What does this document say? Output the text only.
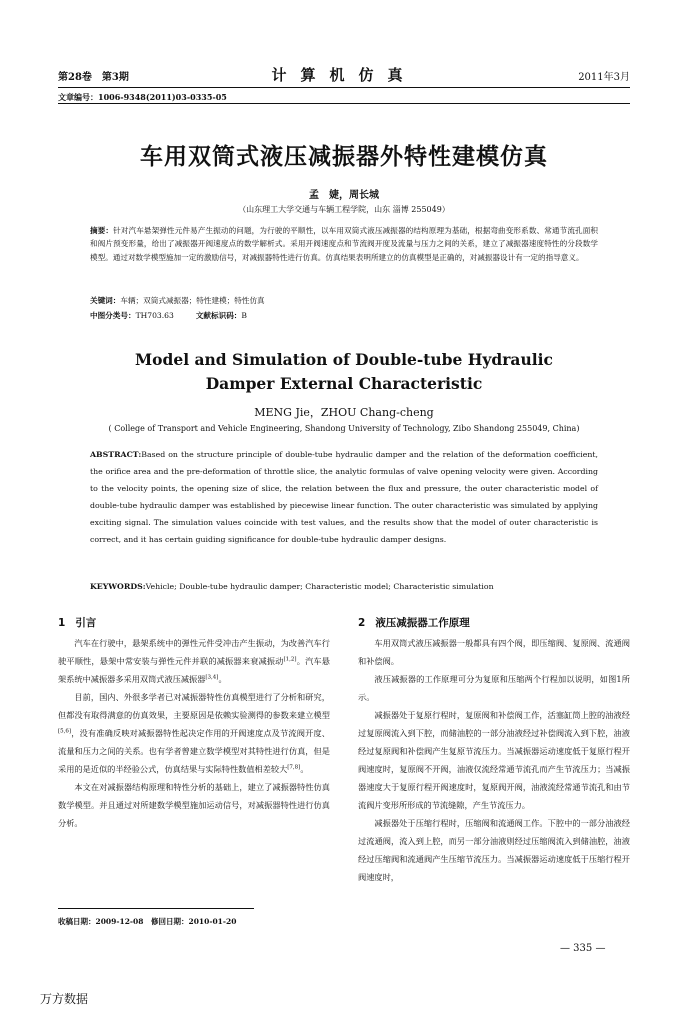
第28卷　第3期	计算机仿真	2011年3月
文章编号：1006-9348(2011)03-0335-05
车用双筒式液压减振器外特性建模仿真
孟　婕，周长城
（山东理工大学交通与车辆工程学院，山东 淄博 255049）
摘要：针对汽车悬架弹性元件易产生振动的问题，为行驶的平顺性，以车用双筒式液压减振器的结构原理为基础，根据弯曲变形系数、常通节流孔面积和阀片预变形量，给出了减振器开阀速度点的数学解析式。采用开阀速度点和节流阀开度及流量与压力之间的关系，建立了减振器速度特性的分段数学模型。通过对数学模型施加一定的激励信号，对减振器特性进行仿真。仿真结果表明所建立的仿真模型是正确的，对减振器设计有一定的指导意义。
关键词：车辆；双筒式减振器；特性建模；特性仿真
中图分类号：TH703.63	文献标识码：B
Model and Simulation of Double-tube Hydraulic
Damper External Characteristic
MENG Jie，ZHOU Chang-cheng
( College of Transport and Vehicle Engineering, Shandong University of Technology, Zibo Shandong 255049, China)
ABSTRACT:Based on the structure principle of double-tube hydraulic damper and the relation of the deformation coefficient, the orifice area and the pre-deformation of throttle slice, the analytic formulas of valve opening velocity were given. According to the velocity points, the opening size of slice, the relation between the flux and pressure, the outer characteristic model of double-tube hydraulic damper was established by piecewise linear function. The outer characteristic was simulated by applying exciting signal. The simulation values coincide with test values, and the results show that the model of outer characteristic is correct, and it has certain guiding significance for double-tube hydraulic damper designs.
KEYWORDS:Vehicle; Double-tube hydraulic damper; Characteristic model; Characteristic simulation
1 引言

汽车在行驶中，悬架系统中的弹性元件受冲击产生振动，为改善汽车行驶平顺性，悬架中常安装与弹性元件并联的减振器来衰减振动[1,2]。汽车悬架系统中减振器多采用双筒式液压减振器[3,4]。

目前，国内、外很多学者已对减振器特性仿真模型进行了分析和研究，但都没有取得满意的仿真效果，主要原因是依赖实验测得的参数来建立模型[5,6]，没有准确反映对减振器特性起决定作用的开阀速度点及节流阀开度、流量和压力之间的关系。也有学者曾建立数学模型对其特性进行仿真，但是采用的是近似的半经验公式，仿真结果与实际特性数值相差较大[7,8]。

本文在对减振器结构原理和特性分析的基础上，建立了减振器特性仿真数学模型。并且通过对所建数学模型施加运动信号，对减振器特性进行仿真分析。

2 液压减振器工作原理

车用双筒式液压减振器一般都具有四个阀，即压缩阀、复原阀、流通阀和补偿阀。

液压减振器的工作原理可分为复原和压缩两个行程加以说明，如图1所示。

减振器处于复原行程时，复原阀和补偿阀工作，活塞缸筒上腔的油液经过复原阀流入到下腔，而储油腔的一部分油液经过补偿阀流入到下腔，油液经过复原阀和补偿阀产生复原节流压力。当减振器运动速度低于复原行程开阀速度时，复原阀不开阀，油液仅流经常通节流孔而产生节流压力；当减振器速度大于复原行程开阀速度时，复原阀开阀，油液流经常通节流孔和由节流阀片变形所形成的节流缝隙，产生节流压力。

减振器处于压缩行程时，压缩阀和流通阀工作。下腔中的一部分油液经过流通阀，流入到上腔，而另一部分油液则经过压缩阀流入到储油腔，油液经过压缩阀和流通阀产生压缩节流压力。当减振器运动速度低于压缩行程开阀速度时，

收稿日期：2009-12-08　修回日期：2010-01-20
— 335 —
万方数据
